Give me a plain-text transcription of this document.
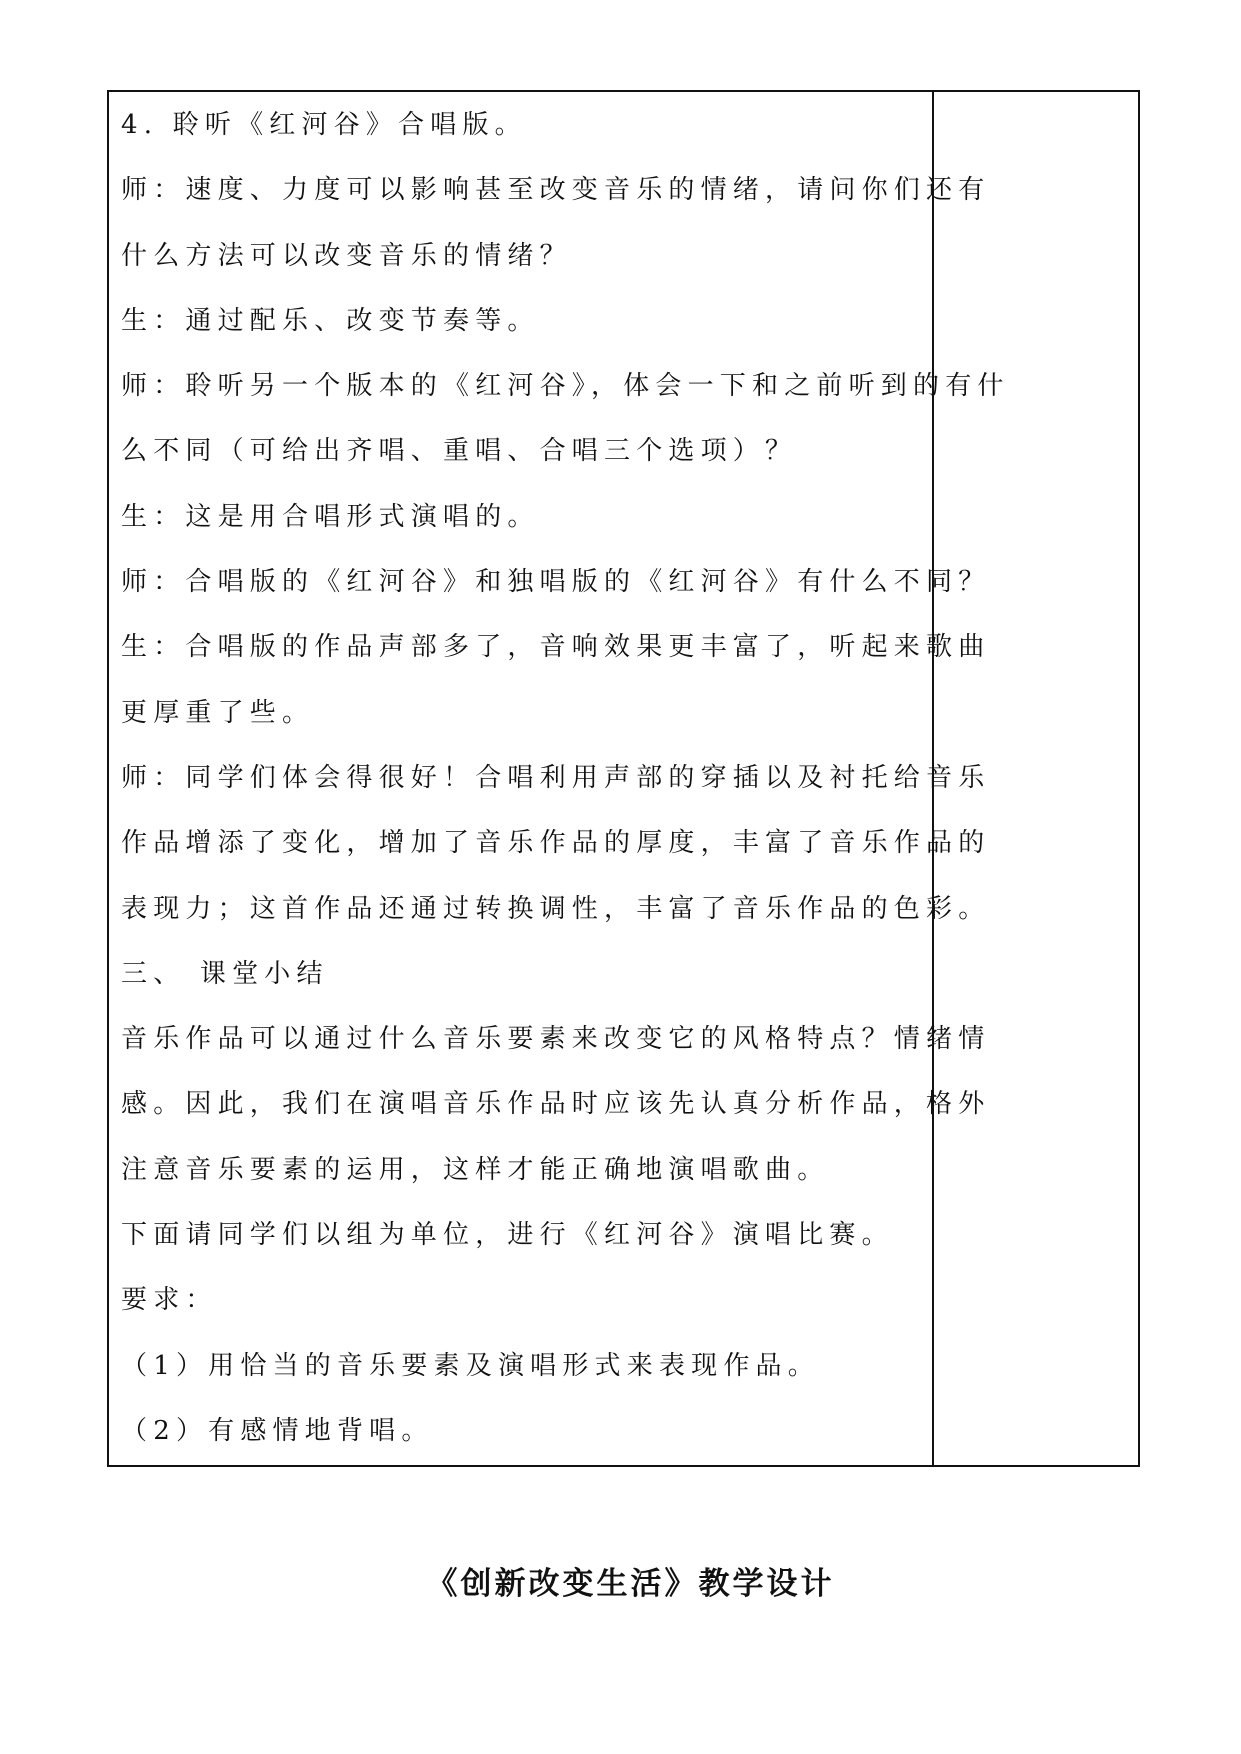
4. 聆听《红河谷》合唱版。
师：速度、力度可以影响甚至改变音乐的情绪，请问你们还有
什么方法可以改变音乐的情绪？
生：通过配乐、改变节奏等。
师：聆听另一个版本的《红河谷》，体会一下和之前听到的有什
么不同（可给出齐唱、重唱、合唱三个选项）？
生：这是用合唱形式演唱的。
师：合唱版的《红河谷》和独唱版的《红河谷》有什么不同？
生：合唱版的作品声部多了，音响效果更丰富了，听起来歌曲
更厚重了些。
师：同学们体会得很好！合唱利用声部的穿插以及衬托给音乐
作品增添了变化，增加了音乐作品的厚度，丰富了音乐作品的
表现力；这首作品还通过转换调性，丰富了音乐作品的色彩。
三、 课堂小结
音乐作品可以通过什么音乐要素来改变它的风格特点？情绪情
感。因此，我们在演唱音乐作品时应该先认真分析作品，格外
注意音乐要素的运用，这样才能正确地演唱歌曲。
下面请同学们以组为单位，进行《红河谷》演唱比赛。
要求：
（1）用恰当的音乐要素及演唱形式来表现作品。
（2）有感情地背唱。
《创新改变生活》教学设计
